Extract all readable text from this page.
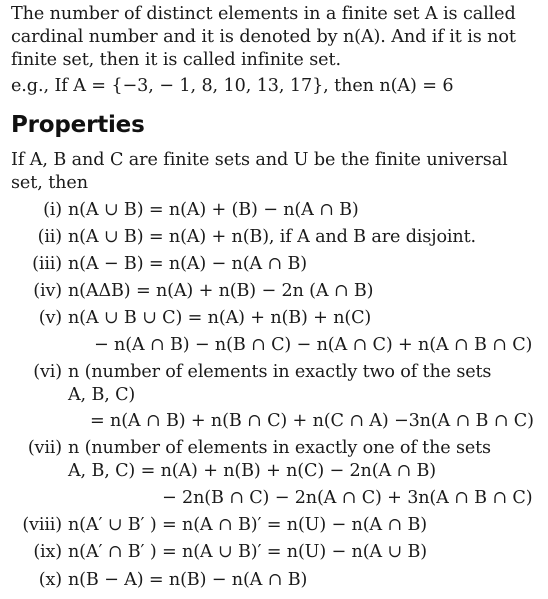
The number of distinct elements in a finite set A is called
cardinal number and it is denoted by n(A). And if it is not
finite set, then it is called infinite set.
e.g., If A = {−3, − 1, 8, 10, 13, 17}, then n(A) = 6
Properties
If A, B and C are finite sets and U be the finite universal
set, then
(i) n(A ∪ B) = n(A) + (B) − n(A ∩ B)
(ii) n(A ∪ B) = n(A) + n(B), if A and B are disjoint.
(iii) n(A − B) = n(A) − n(A ∩ B)
(iv) n(AΔB) = n(A) + n(B) − 2n (A ∩ B)
(v) n(A ∪ B ∪ C) = n(A) + n(B) + n(C)
− n(A ∩ B) − n(B ∩ C) − n(A ∩ C) + n(A ∩ B ∩ C)
(vi) n (number of elements in exactly two of the sets
A, B, C)
= n(A ∩ B) + n(B ∩ C) + n(C ∩ A) −3n(A ∩ B ∩ C)
(vii) n (number of elements in exactly one of the sets
A, B, C) = n(A) + n(B) + n(C) − 2n(A ∩ B)
− 2n(B ∩ C) − 2n(A ∩ C) + 3n(A ∩ B ∩ C)
(viii) n(A′ ∪ B′ ) = n(A ∩ B)′ = n(U) − n(A ∩ B)
(ix) n(A′ ∩ B′ ) = n(A ∪ B)′ = n(U) − n(A ∪ B)
(x) n(B − A) = n(B) − n(A ∩ B)
